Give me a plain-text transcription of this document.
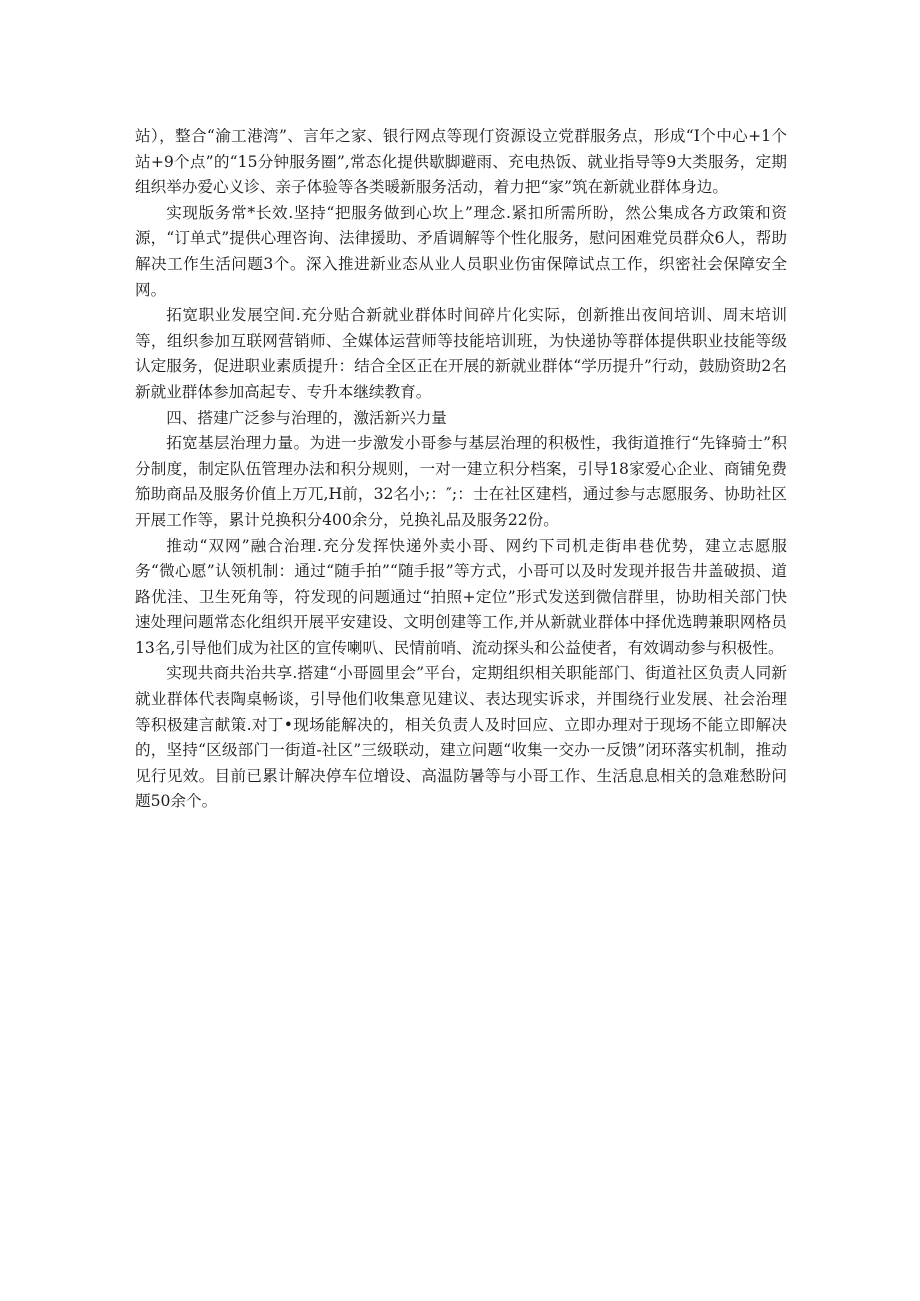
站），整合“渝工港湾”、言年之家、银行网点等现仃资源设立党群服务点，形成“I个中心+1个站+9个点”的“15分钟服务圈”,常态化提供歇脚避雨、充电热饭、就业指导等9大类服务，定期组织举办爱心义诊、亲子体验等各类暖新服务活动，着力把“家”筑在新就业群体身边。

实现版务常*长效.坚持“把服务做到心坎上”理念.紧扣所需所盼，然公集成各方政策和资源，“订单式”提供心理咨询、法律援助、矛盾调解等个性化服务，慰问困难党员群众6人，帮助解决工作生活问题3个。深入推进新业态从业人员职业伤宙保障试点工作，织密社会保障安全网。

拓宽职业发展空间.充分贴合新就业群体时间碎片化实际，创新推出夜间培训、周末培训等，组织参加互联网营销师、全媒体运营师等技能培训班，为快递协等群体提供职业技能等级认定服务，促进职业素质提升：结合全区正在开展的新就业群体“学历提升”行动，鼓励资助2名新就业群体参加高起专、专升本继续教育。

四、搭建广泛参与治理的，激活新兴力量

拓宽基层治理力量。为进一步激发小哥参与基层治理的积极性，我街道推行“先锋骑士”积分制度，制定队伍管理办法和积分规则，一对一建立积分档案，引导18家爱心企业、商铺免费笳助商品及服务价值上万兀,H前，32名小;：″;：士在社区建档，通过参与志愿服务、协助社区开展工作等，累计兑换积分400余分，兑换礼品及服务22份。

推动“双网”融合治理.充分发挥快递外卖小哥、网约下司机走街串巷优势，建立志愿服务“微心愿”认领机制：通过“随手拍”“随手报”等方式，小哥可以及时发现并报告井盖破损、道路优洼、卫生死角等，符发现的问题通过“拍照+定位”形式发送到微信群里，协助相关部门快速处理问题常态化组织开展平安建设、文明创建等工作,并从新就业群体中择优选聘兼职网格员13名,引导他们成为社区的宣传喇叭、民情前哨、流动探头和公益使者，有效调动参与积极性。

实现共商共治共享.搭建“小哥圆里会”平台，定期组织相关职能部门、街道社区负责人同新就业群体代表陶桌畅谈，引导他们收集意见建议、表达现实诉求，并围绕行业发展、社会治理等积极建言献策.对丁•现场能解决的，相关负责人及时回应、立即办理对于现场不能立即解决的，坚持“区级部门一街道-社区”三级联动，建立问题“收集一交办一反馈”闭环落实机制，推动见行见效。目前已累计解决停车位增设、高温防暑等与小哥工作、生活息息相关的急难愁盼问题50余个。
